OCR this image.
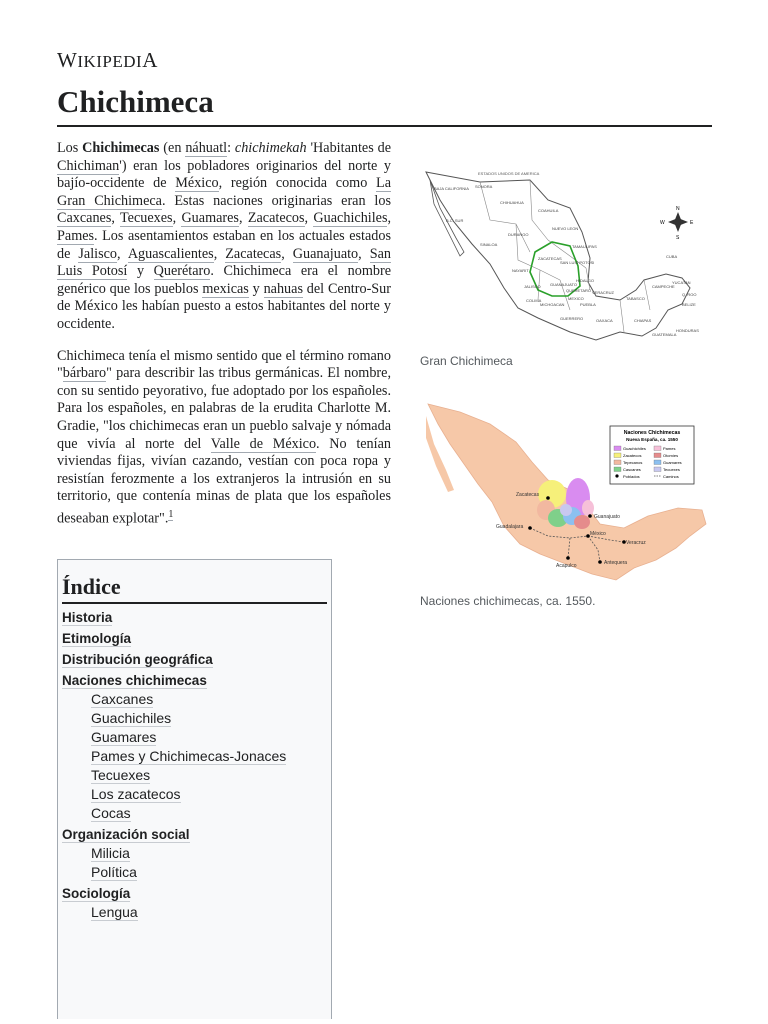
WIKIPEDIA
Chichimeca

Los Chichimecas (en náhuatl: chichimekah 'Habitantes de Chichiman') eran los pobladores originarios del norte y bajío-occidente de México, región conocida como La Gran Chichimeca. Estas naciones originarias eran los Caxcanes, Tecuexes, Guamares, Zacatecos, Guachichiles, Pames. Los asentamientos estaban en los actuales estados de Jalisco, Aguascalientes, Zacatecas, Guanajuato, San Luis Potosí y Querétaro. Chichimeca era el nombre genérico que los pueblos mexicas y nahuas del Centro-Sur de México les habían puesto a estos habitantes del norte y occidente.

Chichimeca tenía el mismo sentido que el término romano "bárbaro" para describir las tribus germánicas. El nombre, con su sentido peyorativo, fue adoptado por los españoles. Para los españoles, en palabras de la erudita Charlotte M. Gradie, "los chichimecas eran un pueblo salvaje y nómada que vivía al norte del Valle de México. No tenían viviendas fijas, vivían cazando, vestían con poca ropa y resistían ferozmente a los extranjeros la intrusión en su territorio, que contenía minas de plata que los españoles deseaban explotar".$^1$

ESTADOS UNIDOS DE AMERICA
SONORA
CHIHUAHUA
COAHUILA
DURANGO
SINALOA
NUEVO LEON
BAJA CALIFORNIA
B.C. SUR
ZACATECAS
SAN LUIS POTOSI
TAMAULIPAS
NAYARIT
JALISCO GUANAJUATO
QUERETARO
HIDALGO
COLIMA
MICHOACAN
MEXICO
PUEBLA
VERACRUZ
GUERRERO	OAXACA
TABASCO
CHIAPAS
CAMPECHE
YUCATAN
Q. ROO
BELIZE
GUATEMALA
HONDURAS
CUBA
N
S
E
W
Gran Chichimeca
Zacatecas
Guanajuato
Guadalajara
México
Veracruz
Acapulco	Antequera
Naciones Chichimecas
Nueva España, ca. 1550
Guachichiles	Pames
Zacatecos	Otomíes
Tepecanos	Guamares
Cascanes	Tecuexes
Poblados	Caminos
Naciones chichimecas, ca. 1550.
Índice
Historia
Etimología
Distribución geográfica
Naciones chichimecas
Caxcanes
Guachichiles
Guamares
Pames y Chichimecas-Jonaces
Tecuexes
Los zacatecos
Cocas
Organización social
Milicia
Política
Sociología
Lengua
